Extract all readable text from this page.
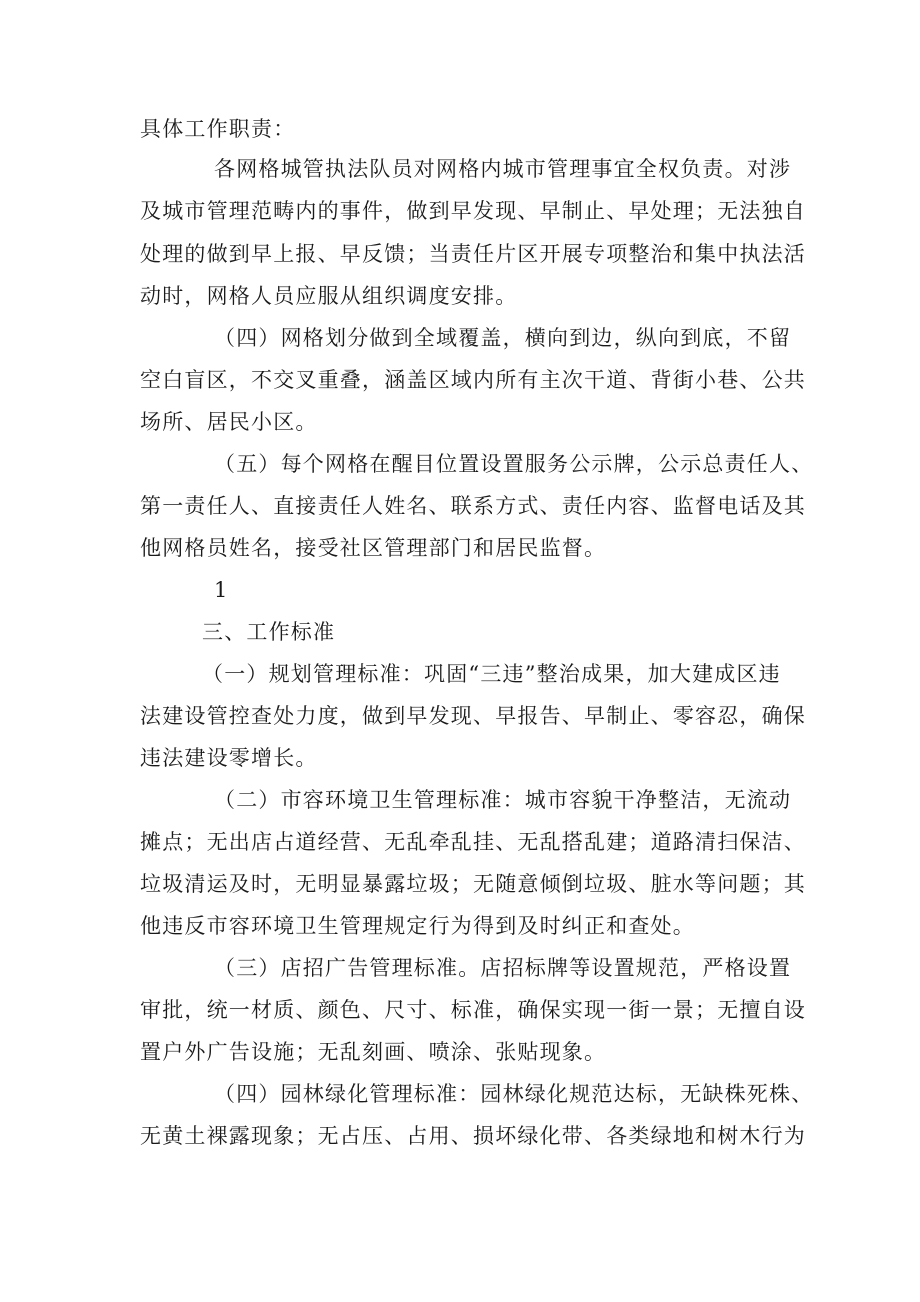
具体工作职责：
各网格城管执法队员对网格内城市管理事宜全权负责。对涉
及城市管理范畴内的事件，做到早发现、早制止、早处理；无法独自
处理的做到早上报、早反馈；当责任片区开展专项整治和集中执法活
动时，网格人员应服从组织调度安排。
（四）网格划分做到全域覆盖，横向到边，纵向到底，不留
空白盲区，不交叉重叠，涵盖区域内所有主次干道、背街小巷、公共
场所、居民小区。
（五）每个网格在醒目位置设置服务公示牌，公示总责任人、
第一责任人、直接责任人姓名、联系方式、责任内容、监督电话及其
他网格员姓名，接受社区管理部门和居民监督。
1
三、工作标准
（一）规划管理标准：巩固“三违”整治成果，加大建成区违
法建设管控查处力度，做到早发现、早报告、早制止、零容忍，确保
违法建设零增长。
（二）市容环境卫生管理标准：城市容貌干净整洁，无流动
摊点；无出店占道经营、无乱牵乱挂、无乱搭乱建；道路清扫保洁、
垃圾清运及时，无明显暴露垃圾；无随意倾倒垃圾、脏水等问题；其
他违反市容环境卫生管理规定行为得到及时纠正和查处。
（三）店招广告管理标准。店招标牌等设置规范，严格设置
审批，统一材质、颜色、尺寸、标准，确保实现一街一景；无擅自设
置户外广告设施；无乱刻画、喷涂、张贴现象。
（四）园林绿化管理标准：园林绿化规范达标，无缺株死株、
无黄土裸露现象；无占压、占用、损坏绿化带、各类绿地和树木行为
